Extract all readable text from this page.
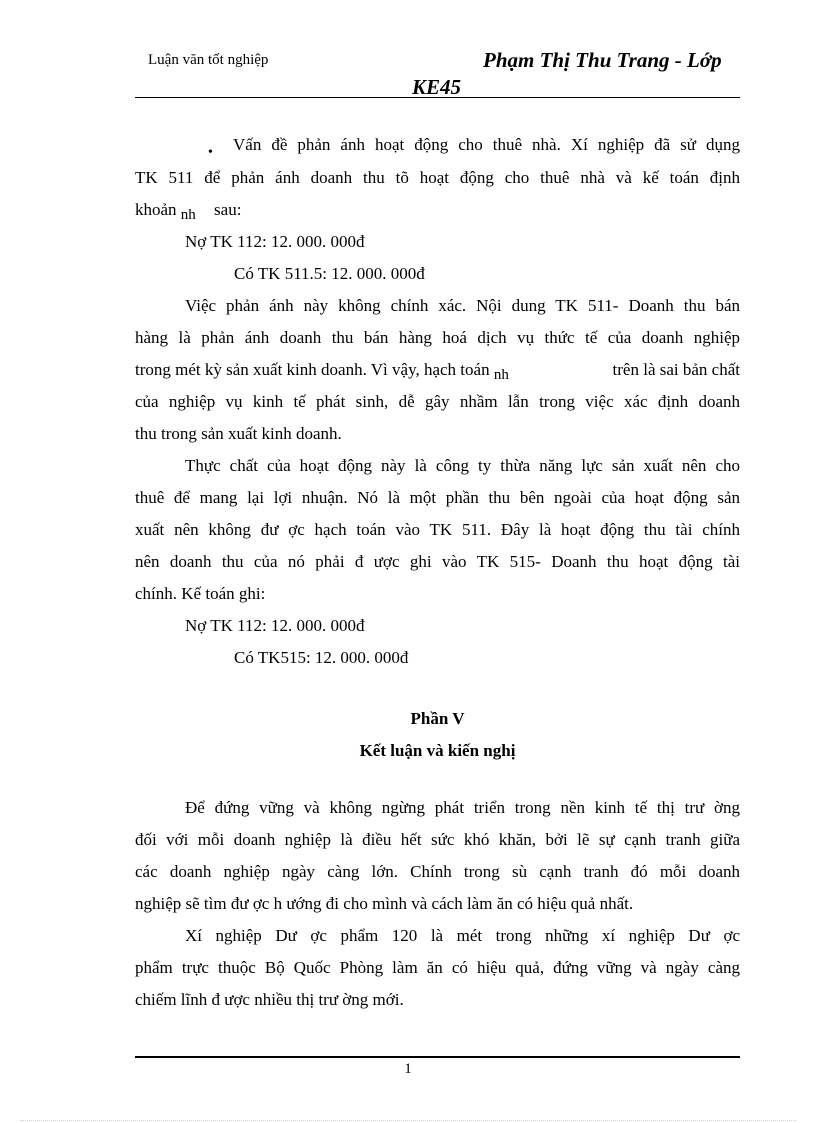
Luận văn tốt nghiệp	Phạm Thị Thu Trang - Lớp
KE45
• Vấn đề phản ánh hoạt động cho thuê nhà. Xí nghiệp đã sử dụng
TK 511 để phản ánh doanh thu tõ hoạt động cho thuê nhà và kế toán định
khoản nh sau:
Nợ TK 112: 12. 000. 000đ
Có TK 511.5: 12. 000. 000đ
Việc phản ánh này không chính xác. Nội dung TK 511- Doanh thu bán
hàng là phản ánh doanh thu bán hàng hoá dịch vụ thức tế của doanh nghiệp
trong mét kỳ sản xuất kinh doanh. Vì vậy, hạch toán nh	trên là sai bản chất
của nghiệp vụ kinh tế phát sinh, dễ gây nhầm lẫn trong việc xác định doanh
thu trong sản xuất kinh doanh.
Thực chất của hoạt động này là công ty thừa năng lực sản xuất nên cho
thuê để mang lại lợi nhuận. Nó là một phần thu bên ngoài của hoạt động sản
xuất nên không đư ợc hạch toán vào TK 511. Đây là hoạt động thu tài chính
nên doanh thu của nó phải đ ược ghi vào TK 515- Doanh thu hoạt động tài
chính. Kế toán ghi:
Nợ TK 112: 12. 000. 000đ
Có TK515: 12. 000. 000đ
Phần V
Kết luận và kiến nghị
Để đứng vững và không ngừng phát triển trong nền kinh tế thị trư ờng
đối với mỗi doanh nghiệp là điều hết sức khó khăn, bởi lẽ sự cạnh tranh giữa
các doanh nghiệp ngày càng lớn. Chính trong sù cạnh tranh đó mỗi doanh
nghiệp sẽ tìm đư ợc h ướng đi cho mình và cách làm ăn có hiệu quả nhất.
Xí nghiệp Dư ợc phẩm 120 là mét trong những xí nghiệp Dư ợc
phẩm trực thuộc Bộ Quốc Phòng làm ăn có hiệu quả, đứng vững và ngày càng
chiếm lĩnh đ ược nhiều thị trư ờng mới.
1
